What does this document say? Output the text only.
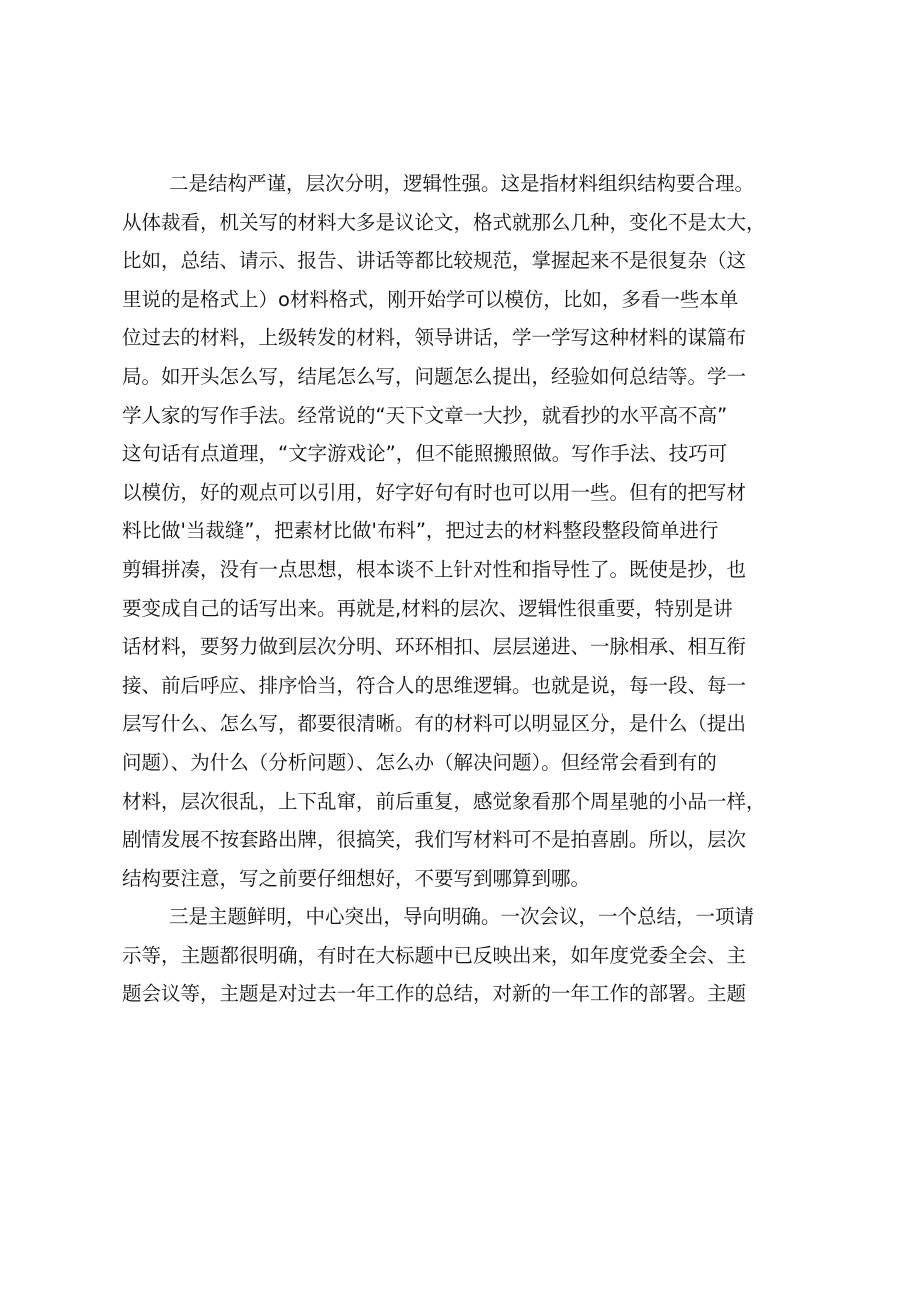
二是结构严谨，层次分明，逻辑性强。这是指材料组织结构要合理。
从体裁看，机关写的材料大多是议论文，格式就那么几种，变化不是太大，
比如，总结、请示、报告、讲话等都比较规范，掌握起来不是很复杂（这
里说的是格式上）o材料格式，刚开始学可以模仿，比如，多看一些本单
位过去的材料，上级转发的材料，领导讲话，学一学写这种材料的谋篇布
局。如开头怎么写，结尾怎么写，问题怎么提出，经验如何总结等。学一
学人家的写作手法。经常说的“天下文章一大抄，就看抄的水平高不高”
这句话有点道理，“文字游戏论”，但不能照搬照做。写作手法、技巧可
以模仿，好的观点可以引用，好字好句有时也可以用一些。但有的把写材
料比做'当裁缝”，把素材比做'布料”，把过去的材料整段整段简单进行
剪辑拼凑，没有一点思想，根本谈不上针对性和指导性了。既使是抄，也
要变成自己的话写出来。再就是,材料的层次、逻辑性很重要，特别是讲
话材料，要努力做到层次分明、环环相扣、层层递进、一脉相承、相互衔
接、前后呼应、排序恰当，符合人的思维逻辑。也就是说，每一段、每一
层写什么、怎么写，都要很清晰。有的材料可以明显区分，是什么（提出
问题）、为什么（分析问题）、怎么办（解决问题）。但经常会看到有的
材料，层次很乱，上下乱窜，前后重复，感觉象看那个周星驰的小品一样，
剧情发展不按套路出牌，很搞笑，我们写材料可不是拍喜剧。所以，层次
结构要注意，写之前要仔细想好，不要写到哪算到哪。
三是主题鲜明，中心突出，导向明确。一次会议，一个总结，一项请
示等，主题都很明确，有时在大标题中已反映出来，如年度党委全会、主
题会议等，主题是对过去一年工作的总结，对新的一年工作的部署。主题
